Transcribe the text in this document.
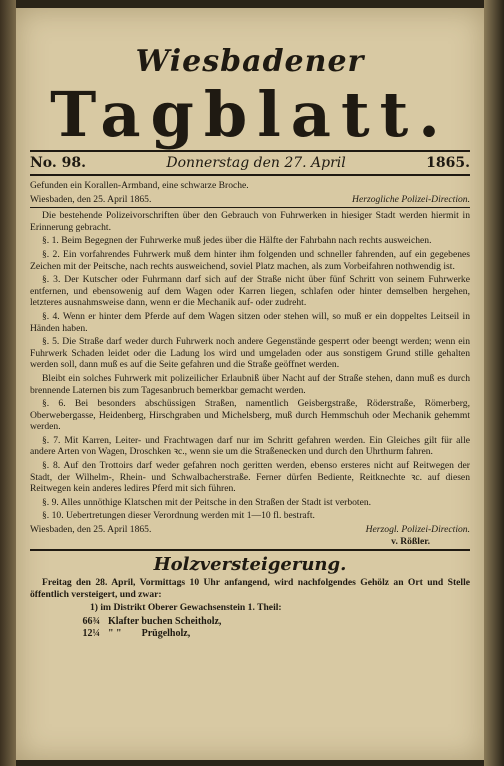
Wiesbadener
Tagblatt.
No. 98.	Donnerstag den 27. April	1865.

Gefunden ein Korallen-Armband, eine schwarze Broche.

Wiesbaden, den 25. April 1865.	Herzogliche Polizei-Direction.

Die bestehende Polizeivorschriften über den Gebrauch von Fuhrwerken in hiesiger Stadt werden hiermit in Erinnerung gebracht.

§. 1. Beim Begegnen der Fuhrwerke muß jedes über die Hälfte der Fahrbahn nach rechts ausweichen.

§. 2. Ein vorfahrendes Fuhrwerk muß dem hinter ihm folgenden und schneller fahrenden, auf ein gegebenes Zeichen mit der Peitsche, nach rechts ausweichend, soviel Platz machen, als zum Vorbeifahren nothwendig ist.

§. 3. Der Kutscher oder Fuhrmann darf sich auf der Straße nicht über fünf Schritt von seinem Fuhrwerke entfernen, und ebensowenig auf dem Wagen oder Karren liegen, schlafen oder hinter demselben hergehen, letzteres ausnahmsweise dann, wenn er die Mechanik auf- oder zudreht.

§. 4. Wenn er hinter dem Pferde auf dem Wagen sitzen oder stehen will, so muß er ein doppeltes Leitseil in Händen haben.

§. 5. Die Straße darf weder durch Fuhrwerk noch andere Gegenstände gesperrt oder beengt werden; wenn ein Fuhrwerk Schaden leidet oder die Ladung los wird und umgeladen oder aus sonstigem Grund stille gehalten werden soll, dann muß es auf die Seite gefahren und die Straße geöffnet werden.

Bleibt ein solches Fuhrwerk mit polizeilicher Erlaubniß über Nacht auf der Straße stehen, dann muß es durch brennende Laternen bis zum Tagesanbruch bemerkbar gemacht werden.

§. 6. Bei besonders abschüssigen Straßen, namentlich Geisbergstraße, Röderstraße, Römerberg, Oberwebergasse, Heidenberg, Hirschgraben und Michelsberg, muß durch Hemmschuh oder Mechanik gehemmt werden.

§. 7. Mit Karren, Leiter- und Frachtwagen darf nur im Schritt gefahren werden. Ein Gleiches gilt für alle andere Arten von Wagen, Droschken ꝛc., wenn sie um die Straßenecken und durch den Uhrthurm fahren.

§. 8. Auf den Trottoirs darf weder gefahren noch geritten werden, ebenso ersteres nicht auf Reitwegen der Stadt, der Wilhelm-, Rhein- und Schwalbacherstraße. Ferner dürfen Bediente, Reitknechte ꝛc. auf diesen Reitwegen kein anderes ledires Pferd mit sich führen.

§. 9. Alles unnöthige Klatschen mit der Peitsche in den Straßen der Stadt ist verboten.

§. 10. Uebertretungen dieser Verordnung werden mit 1—10 fl. bestraft.

Wiesbaden, den 25. April 1865.	Herzogl. Polizei-Direction.
v. Rößler.
Holzversteigerung.

Freitag den 28. April, Vormittags 10 Uhr anfangend, wird nachfolgendes Gehölz an Ort und Stelle öffentlich versteigert, und zwar:

1) im Distrikt Oberer Gewachsenstein 1. Theil:

66¾ Klafter buchen Scheitholz,
12¼ " " Prügelholz,
